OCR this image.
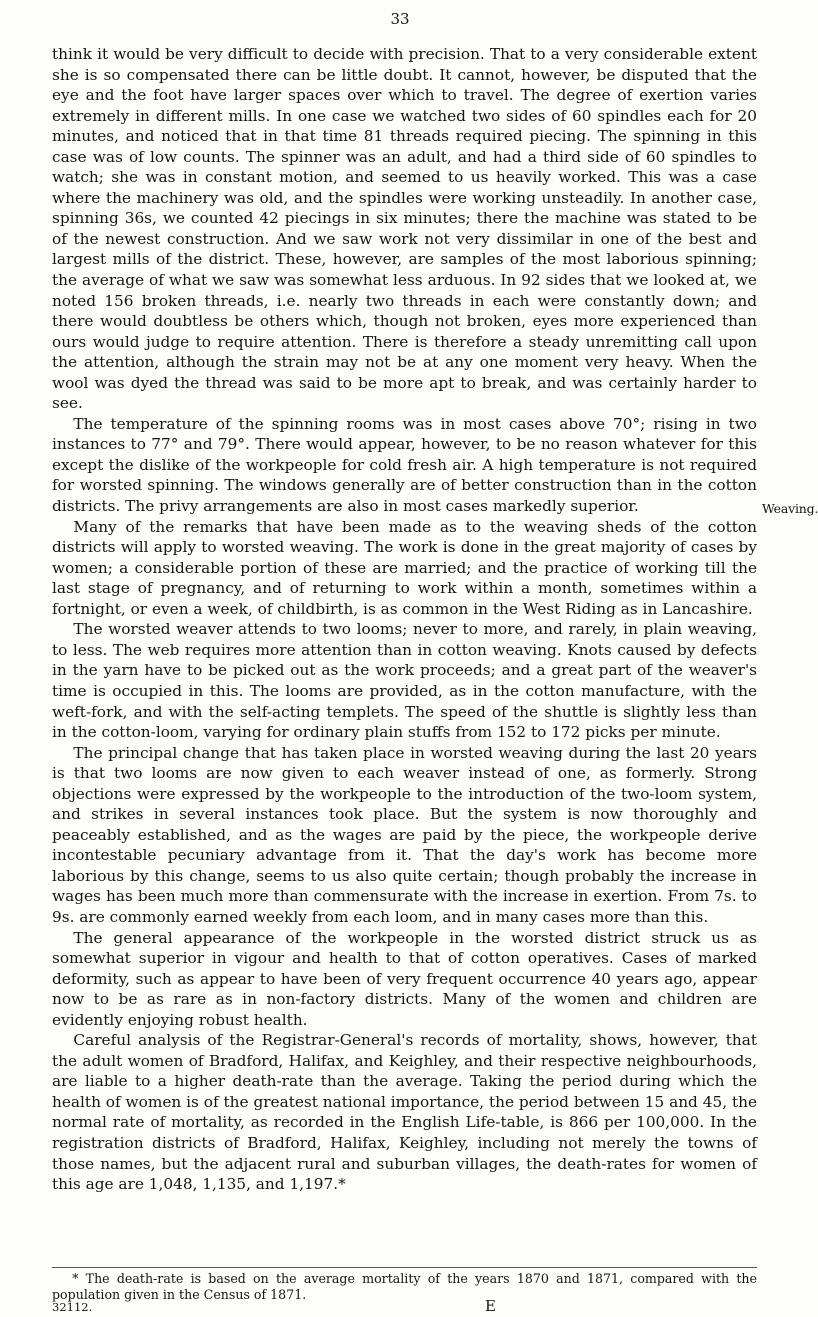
33

think it would be very difficult to decide with precision. That to a very considerable extent she is so compensated there can be little doubt. It cannot, however, be disputed that the eye and the foot have larger spaces over which to travel. The degree of exertion varies extremely in different mills. In one case we watched two sides of 60 spindles each for 20 minutes, and noticed that in that time 81 threads required piecing. The spinning in this case was of low counts. The spinner was an adult, and had a third side of 60 spindles to watch; she was in constant motion, and seemed to us heavily worked. This was a case where the machinery was old, and the spindles were working unsteadily. In another case, spinning 36s, we counted 42 piecings in six minutes; there the machine was stated to be of the newest construction. And we saw work not very dissimilar in one of the best and largest mills of the district. These, however, are samples of the most laborious spinning; the average of what we saw was somewhat less arduous. In 92 sides that we looked at, we noted 156 broken threads, i.e. nearly two threads in each were constantly down; and there would doubtless be others which, though not broken, eyes more experienced than ours would judge to require attention. There is therefore a steady unremitting call upon the attention, although the strain may not be at any one moment very heavy. When the wool was dyed the thread was said to be more apt to break, and was certainly harder to see.

The temperature of the spinning rooms was in most cases above 70°; rising in two instances to 77° and 79°. There would appear, however, to be no reason whatever for this except the dislike of the workpeople for cold fresh air. A high temperature is not required for worsted spinning. The windows generally are of better construction than in the cotton districts. The privy arrangements are also in most cases markedly superior.

Many of the remarks that have been made as to the weaving sheds of the cotton districts will apply to worsted weaving. The work is done in the great majority of cases by women; a considerable portion of these are married; and the practice of working till the last stage of pregnancy, and of returning to work within a month, sometimes within a fortnight, or even a week, of childbirth, is as common in the West Riding as in Lancashire.

The worsted weaver attends to two looms; never to more, and rarely, in plain weaving, to less. The web requires more attention than in cotton weaving. Knots caused by defects in the yarn have to be picked out as the work proceeds; and a great part of the weaver's time is occupied in this. The looms are provided, as in the cotton manufacture, with the weft-fork, and with the self-acting templets. The speed of the shuttle is slightly less than in the cotton-loom, varying for ordinary plain stuffs from 152 to 172 picks per minute.

The principal change that has taken place in worsted weaving during the last 20 years is that two looms are now given to each weaver instead of one, as formerly. Strong objections were expressed by the workpeople to the introduction of the two-loom system, and strikes in several instances took place. But the system is now thoroughly and peaceably established, and as the wages are paid by the piece, the workpeople derive incontestable pecuniary advantage from it. That the day's work has become more laborious by this change, seems to us also quite certain; though probably the increase in wages has been much more than commensurate with the increase in exertion. From 7s. to 9s. are commonly earned weekly from each loom, and in many cases more than this.

The general appearance of the workpeople in the worsted district struck us as somewhat superior in vigour and health to that of cotton operatives. Cases of marked deformity, such as appear to have been of very frequent occurrence 40 years ago, appear now to be as rare as in non-factory districts. Many of the women and children are evidently enjoying robust health.

Careful analysis of the Registrar-General's records of mortality, shows, however, that the adult women of Bradford, Halifax, and Keighley, and their respective neighbourhoods, are liable to a higher death-rate than the average. Taking the period during which the health of women is of the greatest national importance, the period between 15 and 45, the normal rate of mortality, as recorded in the English Life-table, is 866 per 100,000. In the registration districts of Bradford, Halifax, Keighley, including not merely the towns of those names, but the adjacent rural and suburban villages, the death-rates for women of this age are 1,048, 1,135, and 1,197.*

Weaving.
* The death-rate is based on the average mortality of the years 1870 and 1871, compared with the population given in the Census of 1871.
32112.	E
